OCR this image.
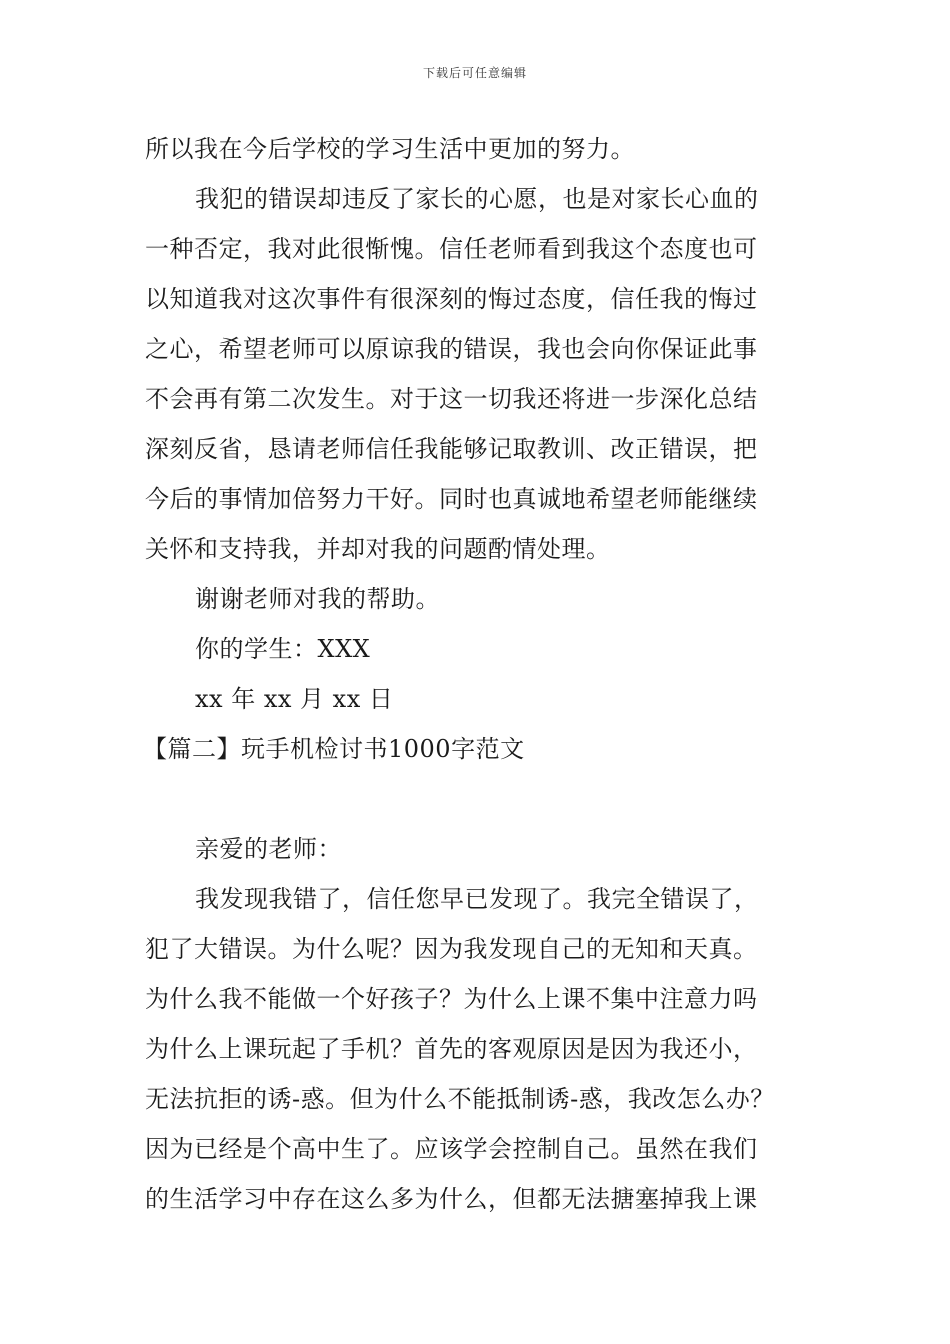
下载后可任意编辑
所以我在今后学校的学习生活中更加的努力。
我犯的错误却违反了家长的心愿，也是对家长心血的
一种否定，我对此很惭愧。信任老师看到我这个态度也可
以知道我对这次事件有很深刻的悔过态度，信任我的悔过
之心，希望老师可以原谅我的错误，我也会向你保证此事
不会再有第二次发生。对于这一切我还将进一步深化总结
深刻反省，恳请老师信任我能够记取教训、改正错误，把
今后的事情加倍努力干好。同时也真诚地希望老师能继续
关怀和支持我，并却对我的问题酌情处理。
谢谢老师对我的帮助。
你的学生：XXX
xx 年 xx 月 xx 日
【篇二】玩手机检讨书1000字范文
亲爱的老师：
我发现我错了，信任您早已发现了。我完全错误了，
犯了大错误。为什么呢？因为我发现自己的无知和天真。
为什么我不能做一个好孩子？为什么上课不集中注意力吗
为什么上课玩起了手机？首先的客观原因是因为我还小，
无法抗拒的诱-惑。但为什么不能抵制诱-惑，我改怎么办？
因为已经是个高中生了。应该学会控制自己。虽然在我们
的生活学习中存在这么多为什么，但都无法搪塞掉我上课
